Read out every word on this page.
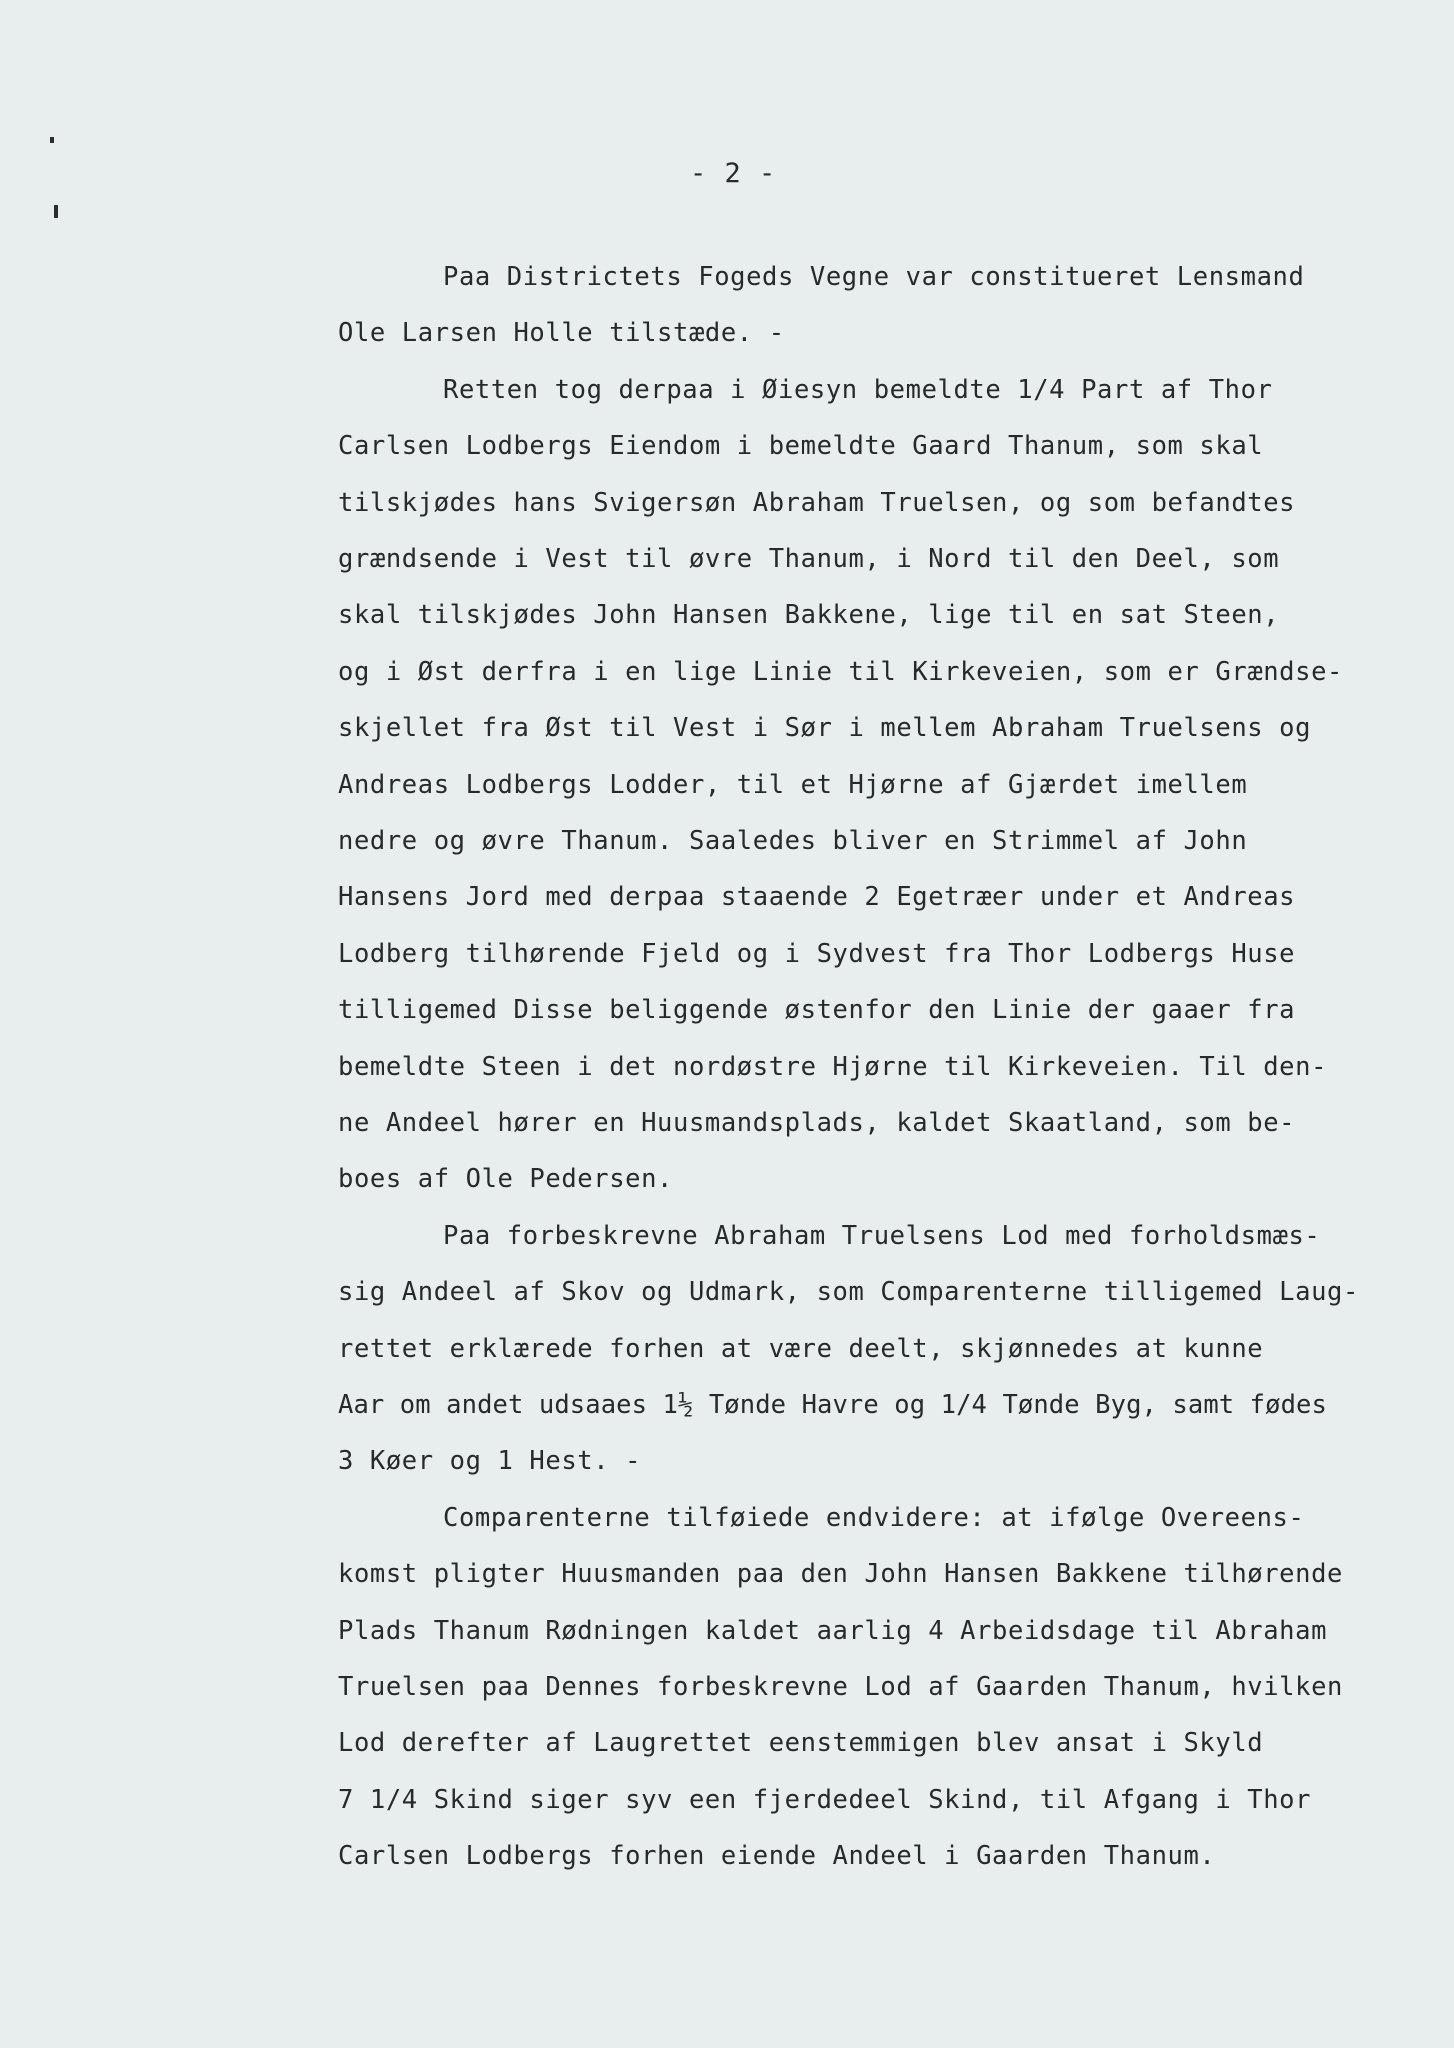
- 2 -
Paa Districtets Fogeds Vegne var constitueret Lensmand
Ole Larsen Holle tilstæde. -
Retten tog derpaa i Øiesyn bemeldte 1/4 Part af Thor
Carlsen Lodbergs Eiendom i bemeldte Gaard Thanum, som skal
tilskjødes hans Svigersøn Abraham Truelsen, og som befandtes
grændsende i Vest til øvre Thanum, i Nord til den Deel, som
skal tilskjødes John Hansen Bakkene, lige til en sat Steen,
og i Øst derfra i en lige Linie til Kirkeveien, som er Grændse-
skjellet fra Øst til Vest i Sør i mellem Abraham Truelsens og
Andreas Lodbergs Lodder, til et Hjørne af Gjærdet imellem
nedre og øvre Thanum. Saaledes bliver en Strimmel af John
Hansens Jord med derpaa staaende 2 Egetræer under et Andreas
Lodberg tilhørende Fjeld og i Sydvest fra Thor Lodbergs Huse
tilligemed Disse beliggende østenfor den Linie der gaaer fra
bemeldte Steen i det nordøstre Hjørne til Kirkeveien. Til den-
ne Andeel hører en Huusmandsplads, kaldet Skaatland, som be-
boes af Ole Pedersen.
Paa forbeskrevne Abraham Truelsens Lod med forholdsmæs-
sig Andeel af Skov og Udmark, som Comparenterne tilligemed Laug-
rettet erklærede forhen at være deelt, skjønnedes at kunne
Aar om andet udsaaes 1½ Tønde Havre og 1/4 Tønde Byg, samt fødes
3 Køer og 1 Hest. -
Comparenterne tilføiede endvidere: at ifølge Overeens-
komst pligter Huusmanden paa den John Hansen Bakkene tilhørende
Plads Thanum Rødningen kaldet aarlig 4 Arbeidsdage til Abraham
Truelsen paa Dennes forbeskrevne Lod af Gaarden Thanum, hvilken
Lod derefter af Laugrettet eenstemmigen blev ansat i Skyld
7 1/4 Skind siger syv een fjerdedeel Skind, til Afgang i Thor
Carlsen Lodbergs forhen eiende Andeel i Gaarden Thanum.
